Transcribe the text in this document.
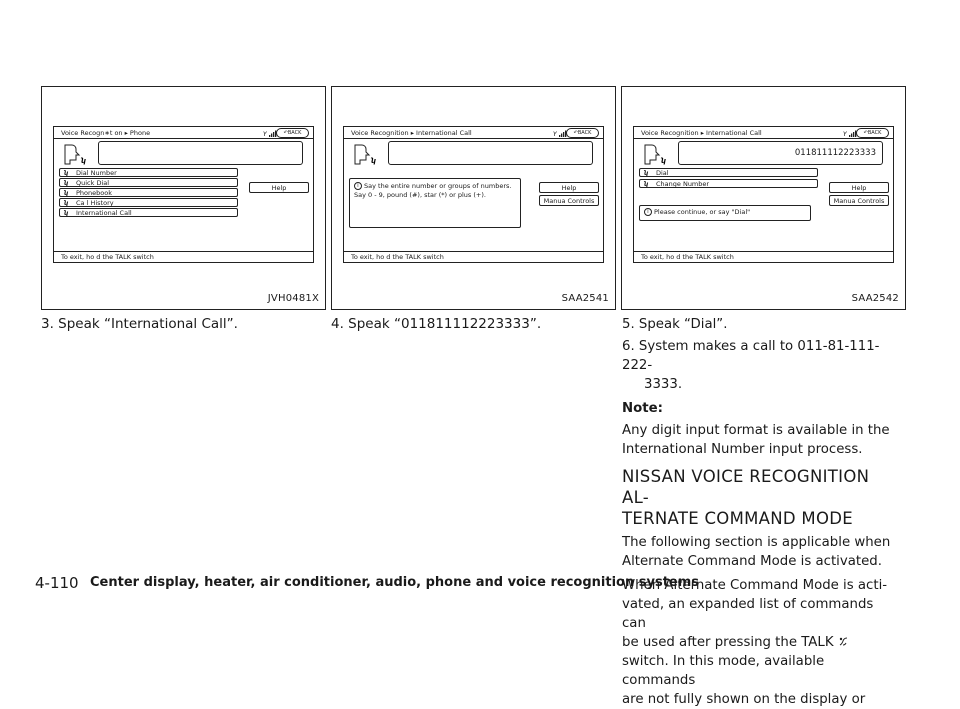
Voice Recogn∗t on ▸ Phone	Y	↶BACK
ʮ
ʮ Dial Number
ʮ Quick Dial
ʮ Phonebook
ʮ Ca l History
ʮ International Call
Help
To exit, ho d the TALK switch
JVH0481X
Voice Recognition ▸ International Call	Y	↶BACK
ʮ
i Say the entire number or groups of numbers. Say 0 - 9, pound (#), star (*) or plus (+).
Help
Manua Controls
To exit, ho d the TALK switch
SAA2541
Voice Recognition ▸ International Call	Y	↶BACK
ʮ
011811112223333
ʮ Dial
ʮ Change Number	Help
Manua Controls
i Please continue, or say "Dial"
To exit, ho d the TALK switch
SAA2542
3. Speak “International Call”.	4. Speak “011811112223333”.	5. Speak “Dial”.

6. System makes a call to 011-81-111-222-

3333.

Note:

Any digit input format is available in the International Number input process.

NISSAN VOICE RECOGNITION AL-

TERNATE COMMAND MODE

The following section is applicable when Alternate Command Mode is activated.

When Alternate Command Mode is acti-

vated, an expanded list of commands can

be used after pressing the TALK

switch. In this mode, available commands

are not fully shown on the display or

4-110 Center display, heater, air conditioner, audio, phone and voice recognition systems
